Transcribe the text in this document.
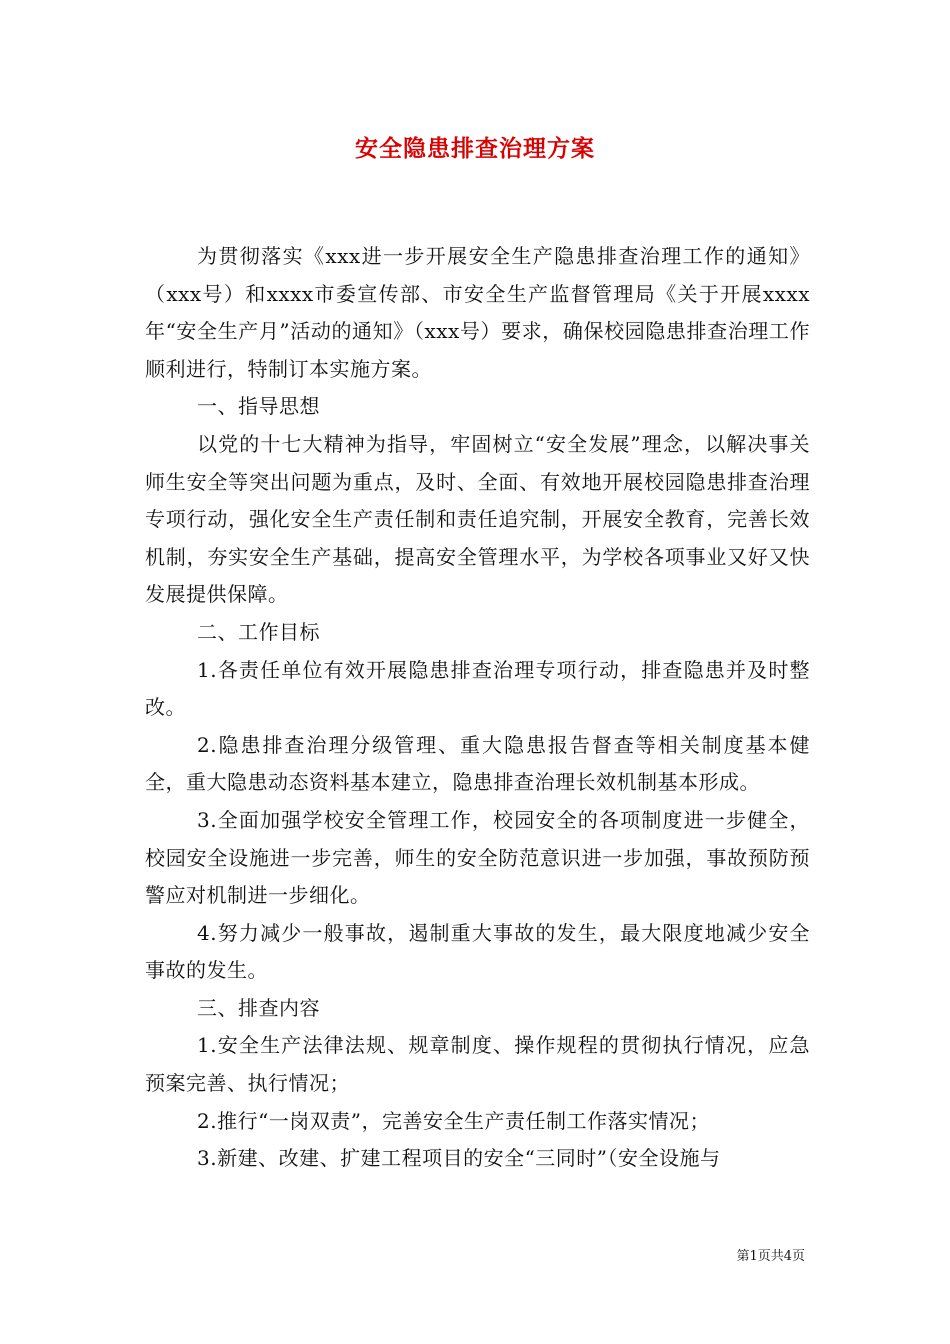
安全隐患排查治理方案

为贯彻落实《xxx进一步开展安全生产隐患排查治理工作的通知》（xxx号）和xxxx市委宣传部、市安全生产监督管理局《关于开展xxxx年“安全生产月”活动的通知》（xxx号）要求，确保校园隐患排查治理工作顺利进行，特制订本实施方案。

一、指导思想

以党的十七大精神为指导，牢固树立“安全发展”理念，以解决事关师生安全等突出问题为重点，及时、全面、有效地开展校园隐患排查治理专项行动，强化安全生产责任制和责任追究制，开展安全教育，完善长效机制，夯实安全生产基础，提高安全管理水平，为学校各项事业又好又快发展提供保障。

二、工作目标

1.各责任单位有效开展隐患排查治理专项行动，排查隐患并及时整改。

2.隐患排查治理分级管理、重大隐患报告督查等相关制度基本健全，重大隐患动态资料基本建立，隐患排查治理长效机制基本形成。

3.全面加强学校安全管理工作，校园安全的各项制度进一步健全，校园安全设施进一步完善，师生的安全防范意识进一步加强，事故预防预警应对机制进一步细化。

4.努力减少一般事故，遏制重大事故的发生，最大限度地减少安全事故的发生。

三、排查内容

1.安全生产法律法规、规章制度、操作规程的贯彻执行情况，应急预案完善、执行情况；

2.推行“一岗双责”，完善安全生产责任制工作落实情况；

3.新建、改建、扩建工程项目的安全“三同时”（安全设施与

第1页共4页
